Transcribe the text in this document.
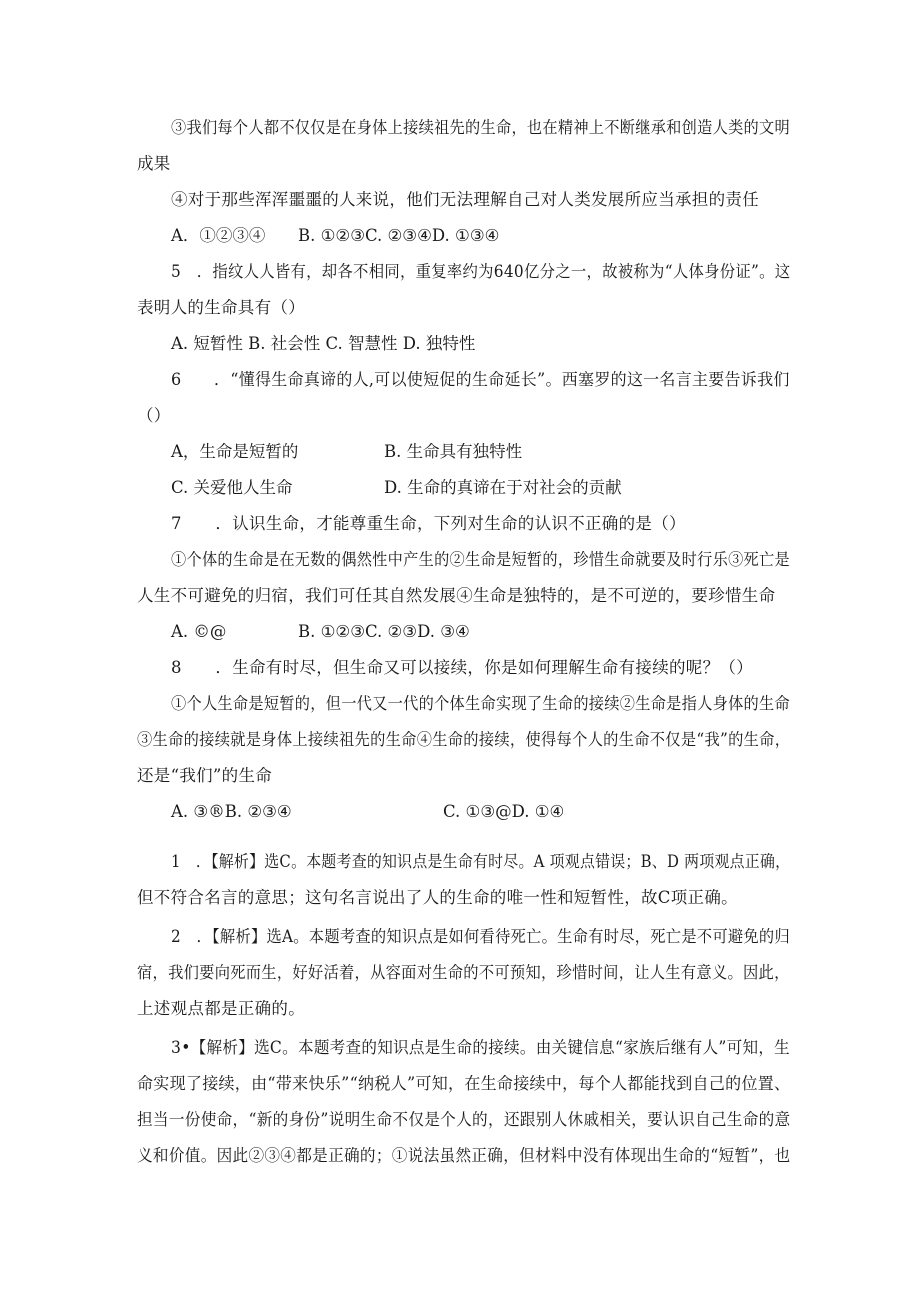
③我们每个人都不仅仅是在身体上接续祖先的生命，也在精神上不断继承和创造人类的文明
成果
④对于那些浑浑噩噩的人来说，他们无法理解自己对人类发展所应当承担的责任
A．①②③④ B. ①②③C. ②③④D. ①③④
5　．指纹人人皆有，却各不相同，重复率约为640亿分之一，故被称为“人体身份证”。这
表明人的生命具有（）
A. 短暂性 B. 社会性 C. 智慧性 D. 独特性
6　　．“懂得生命真谛的人,可以使短促的生命延长”。西塞罗的这一名言主要告诉我们
（）
A，生命是短暂的	B. 生命具有独特性
C. 关爱他人生命	D. 生命的真谛在于对社会的贡献
7　　．认识生命，才能尊重生命，下列对生命的认识不正确的是（）
①个体的生命是在无数的偶然性中产生的②生命是短暂的，珍惜生命就要及时行乐③死亡是
人生不可避免的归宿，我们可任其自然发展④生命是独特的，是不可逆的，要珍惜生命
A. ©@	B. ①②③C. ②③D. ③④
8　　．生命有时尽，但生命又可以接续，你是如何理解生命有接续的呢？（）
①个人生命是短暂的，但一代又一代的个体生命实现了生命的接续②生命是指人身体的生命
③生命的接续就是身体上接续祖先的生命④生命的接续，使得每个人的生命不仅是“我”的生命，
还是“我们”的生命
A. ③®B. ②③④	C. ①③@D. ①④
1　．【解析】选C。本题考查的知识点是生命有时尽。A 项观点错误；B、D 两项观点正确，
但不符合名言的意思；这句名言说出了人的生命的唯一性和短暂性，故C项正确。
2　．【解析】选A。本题考查的知识点是如何看待死亡。生命有时尽，死亡是不可避免的归
宿，我们要向死而生，好好活着，从容面对生命的不可预知，珍惜时间，让人生有意义。因此，
上述观点都是正确的。
3•【解析】选C。本题考查的知识点是生命的接续。由关键信息“家族后继有人”可知，生
命实现了接续，由“带来快乐”“纳税人”可知，在生命接续中，每个人都能找到自己的位置、
担当一份使命，“新的身份”说明生命不仅是个人的，还跟别人休戚相关，要认识自己生命的意
义和价值。因此②③④都是正确的；①说法虽然正确，但材料中没有体现出生命的“短暂”，也
